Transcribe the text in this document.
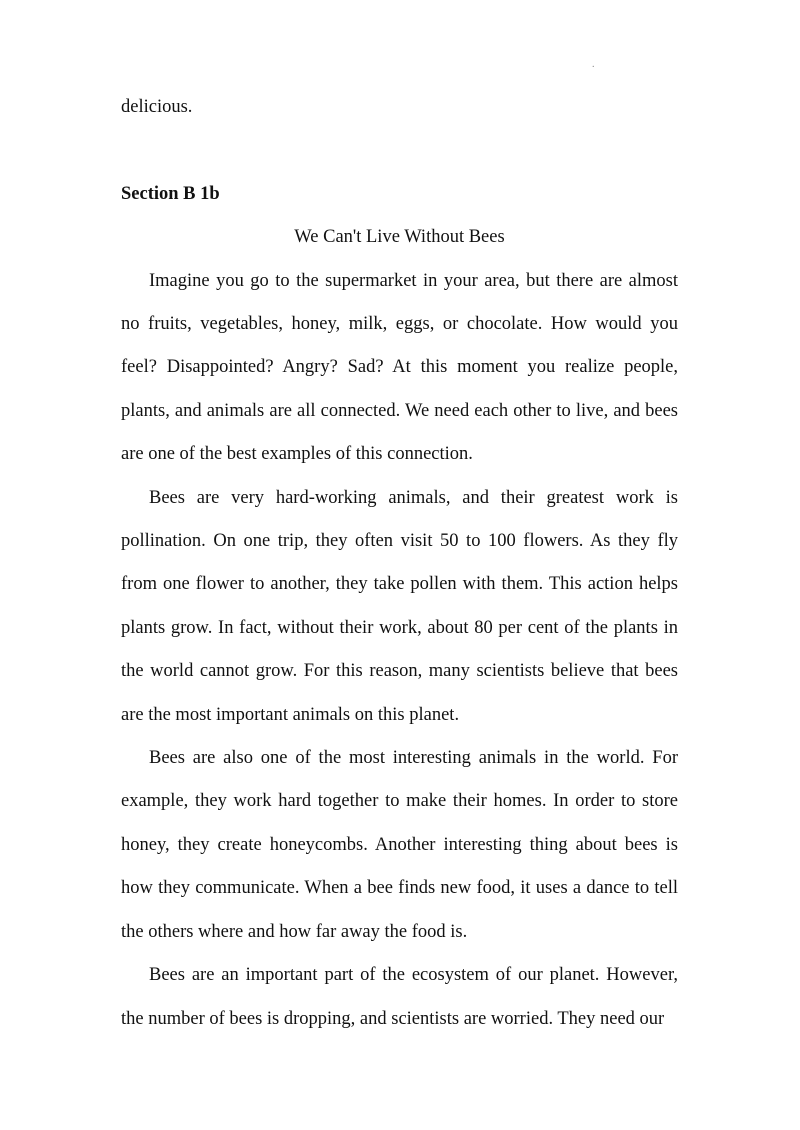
.

delicious.

Section B 1b

We Can't Live Without Bees

Imagine you go to the supermarket in your area, but there are almost no fruits, vegetables, honey, milk, eggs, or chocolate. How would you feel? Disappointed? Angry? Sad? At this moment you realize people, plants, and animals are all connected. We need each other to live, and bees are one of the best examples of this connection.

Bees are very hard-working animals, and their greatest work is pollination. On one trip, they often visit 50 to 100 flowers. As they fly from one flower to another, they take pollen with them. This action helps plants grow. In fact, without their work, about 80 per cent of the plants in the world cannot grow. For this reason, many scientists believe that bees are the most important animals on this planet.

Bees are also one of the most interesting animals in the world. For example, they work hard together to make their homes. In order to store honey, they create honeycombs. Another interesting thing about bees is how they communicate. When a bee finds new food, it uses a dance to tell the others where and how far away the food is.

Bees are an important part of the ecosystem of our planet. However, the number of bees is dropping, and scientists are worried. They need our
